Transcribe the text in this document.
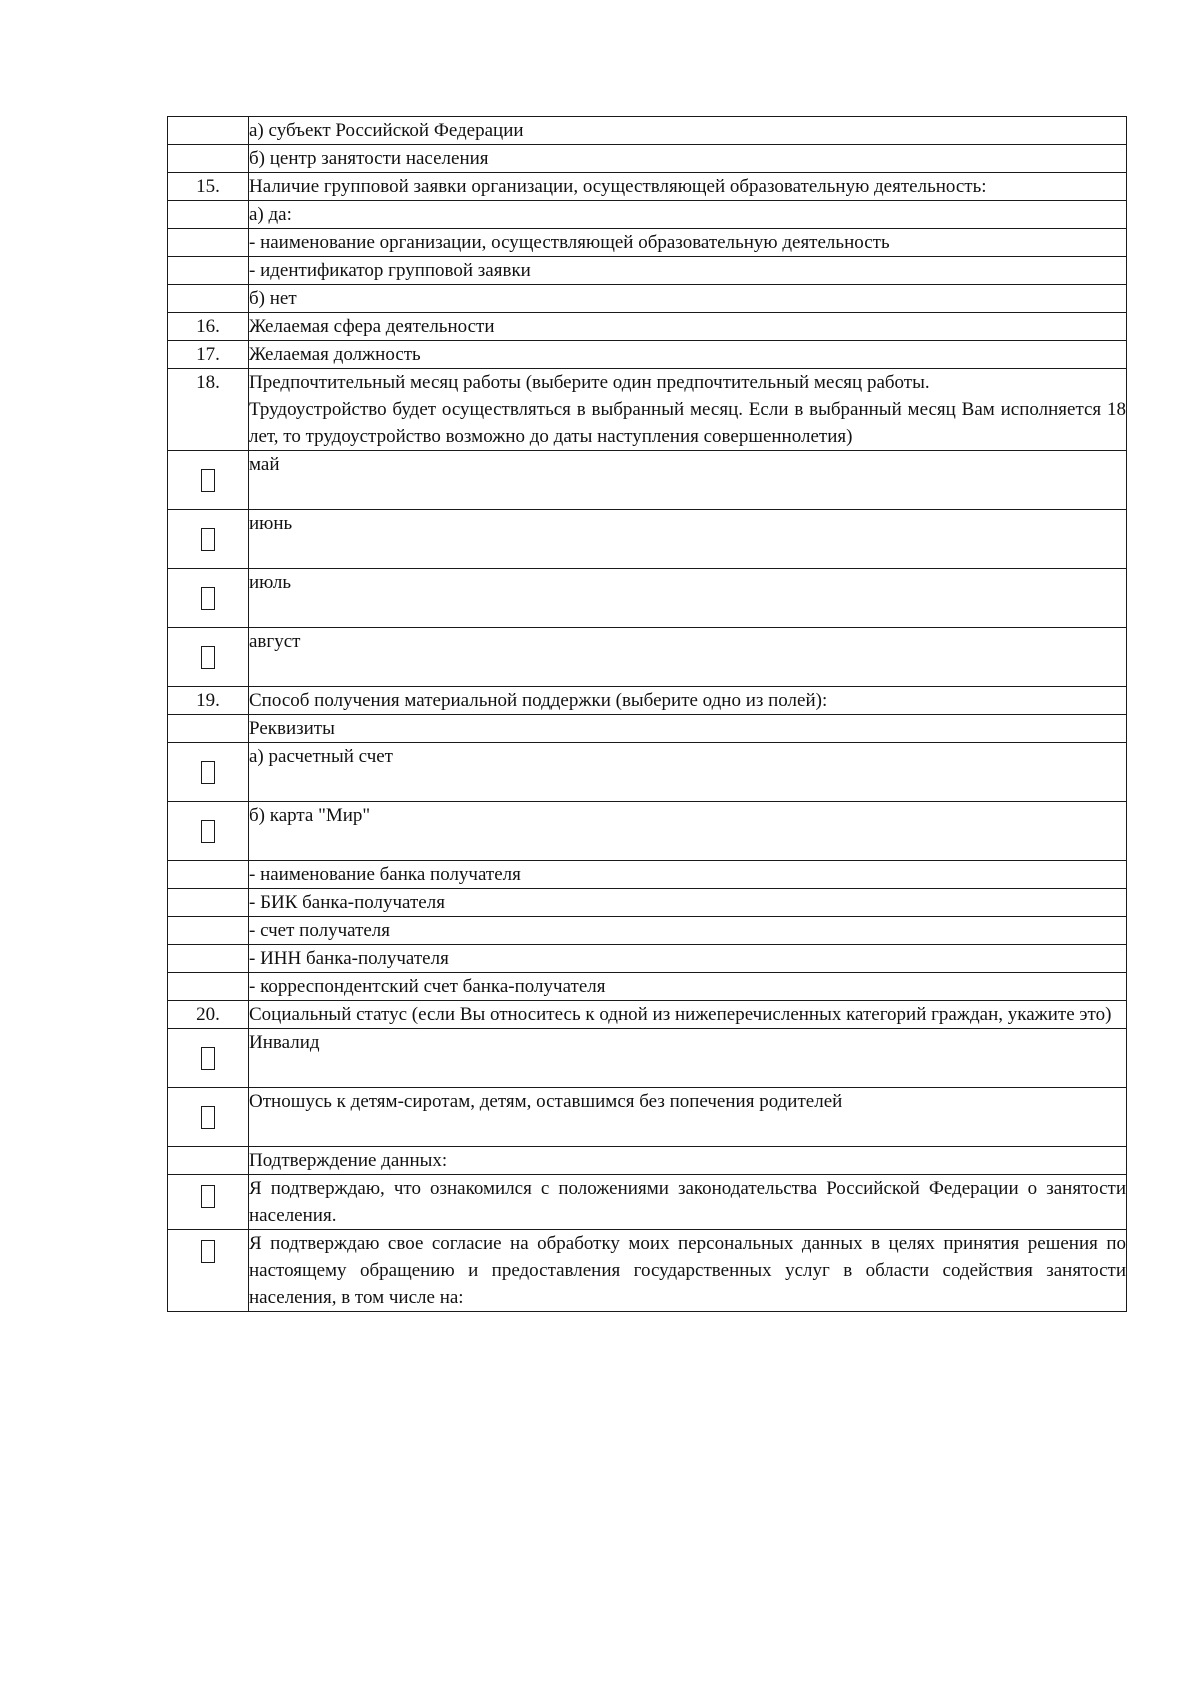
	а) субъект Российской Федерации
	б) центр занятости населения
15.	Наличие групповой заявки организации, осуществляющей образовательную деятельность:
	а) да:
	- наименование организации, осуществляющей образовательную деятельность
	- идентификатор групповой заявки
	б) нет
16.	Желаемая сфера деятельности
17.	Желаемая должность
18.	Предпочтительный месяц работы (выберите один предпочтительный месяц работы.
Трудоустройство будет осуществляться в выбранный месяц. Если в выбранный месяц Вам исполняется 18 лет, то трудоустройство возможно до даты наступления совершеннолетия)

	май
	июнь
	июль
	август
19.	Способ получения материальной поддержки (выберите одно из полей):
	Реквизиты
	а) расчетный счет
	б) карта "Мир"
	- наименование банка получателя
	- БИК банка-получателя
	- счет получателя
	- ИНН банка-получателя
	- корреспондентский счет банка-получателя
20.	Социальный статус (если Вы относитесь к одной из нижеперечисленных категорий граждан, укажите это)
	Инвалид
	Отношусь к детям-сиротам, детям, оставшимся без попечения родителей
	Подтверждение данных:
	Я подтверждаю, что ознакомился с положениями законодательства Российской Федерации о занятости населения.
	Я подтверждаю свое согласие на обработку моих персональных данных в целях принятия решения по настоящему обращению и предоставления государственных услуг в области содействия занятости населения, в том числе на:
